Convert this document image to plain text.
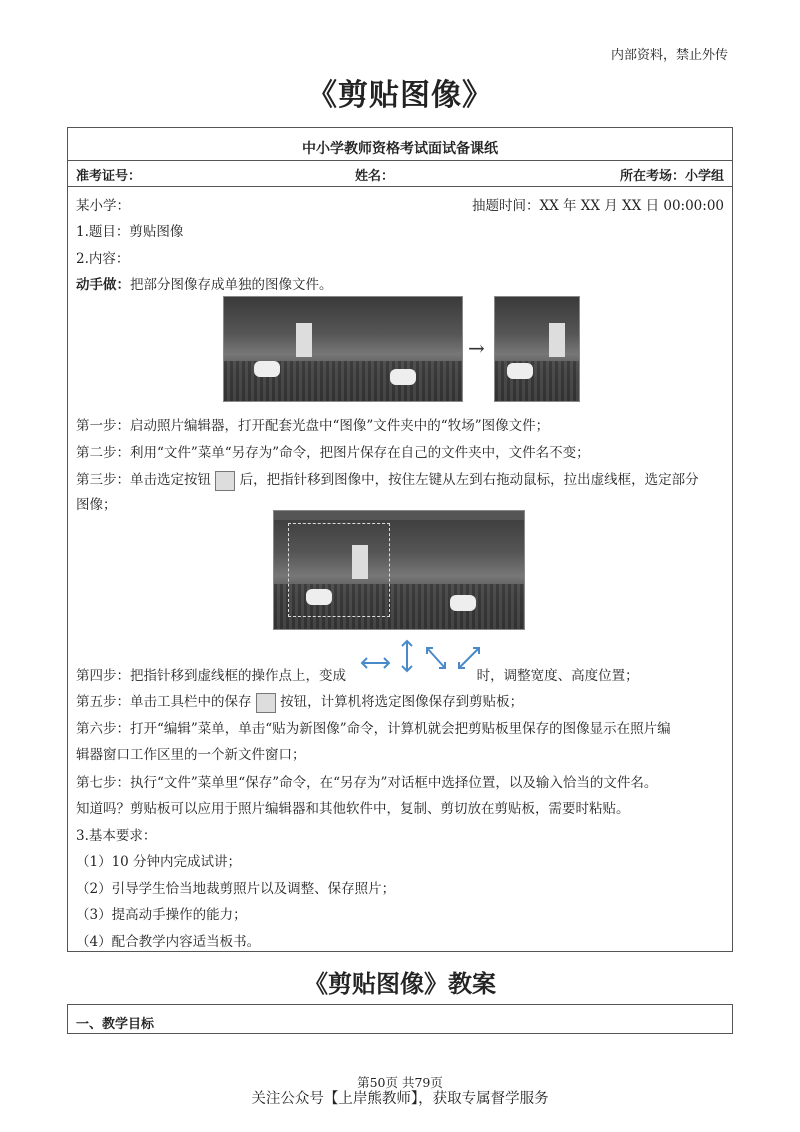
内部资料，禁止外传
《剪贴图像》
中小学教师资格考试面试备课纸
准考证号：	姓名：	所在考场：小学组
某小学：	抽题时间：XX 年 XX 月 XX 日 00:00:00
1.题目：剪贴图像
2.内容：
动手做：把部分图像存成单独的图像文件。
→
第一步：启动照片编辑器，打开配套光盘中“图像”文件夹中的“牧场”图像文件；
第二步：利用“文件”菜单“另存为”命令，把图片保存在自己的文件夹中，文件名不变；
第三步：单击选定按钮 后，把指针移到图像中，按住左键从左到右拖动鼠标，拉出虚线框，选定部分
图像；
第四步：把指针移到虚线框的操作点上，变成	时，调整宽度、高度位置；
第五步：单击工具栏中的保存 按钮，计算机将选定图像保存到剪贴板；
第六步：打开“编辑”菜单，单击“贴为新图像”命令，计算机就会把剪贴板里保存的图像显示在照片编
辑器窗口工作区里的一个新文件窗口；
第七步：执行“文件”菜单里“保存”命令，在“另存为”对话框中选择位置，以及输入恰当的文件名。
知道吗？剪贴板可以应用于照片编辑器和其他软件中，复制、剪切放在剪贴板，需要时粘贴。
3.基本要求：
（1）10 分钟内完成试讲；
（2）引导学生恰当地裁剪照片以及调整、保存照片；
（3）提高动手操作的能力；
（4）配合教学内容适当板书。
《剪贴图像》教案
一、教学目标
第50页 共79页
关注公众号【上岸熊教师】，获取专属督学服务
